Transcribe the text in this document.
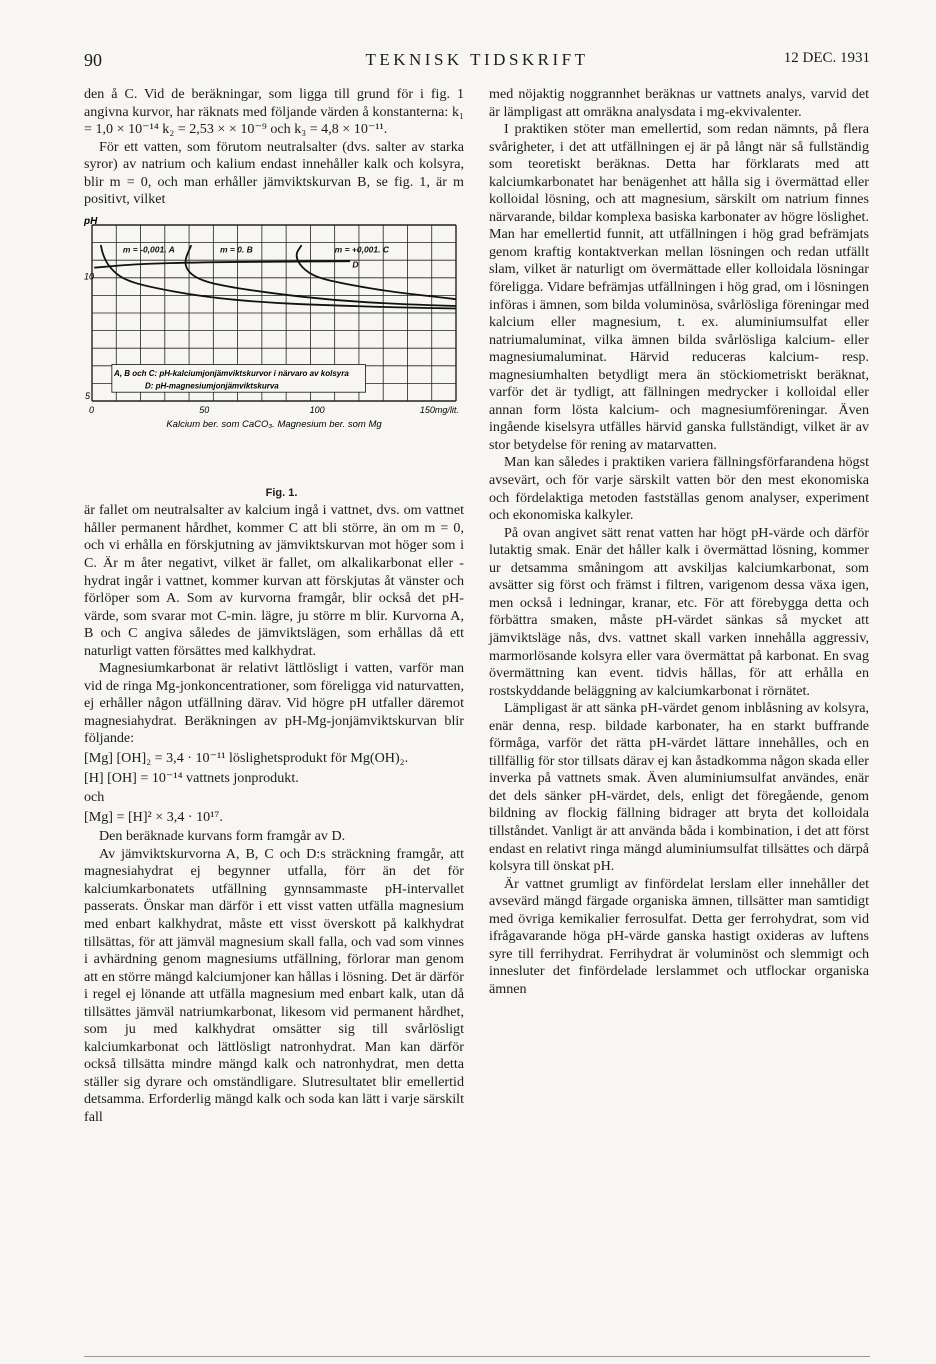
90	TEKNISK TIDSKRIFT	12 DEC. 1931

den å C. Vid de beräkningar, som ligga till grund för i fig. 1 angivna kurvor, har räknats med följande värden å konstanterna: k₁ = 1,0 × 10⁻¹⁴ k₂ = 2,53 × × 10⁻⁹ och k₃ = 4,8 × 10⁻¹¹.

För ett vatten, som förutom neutralsalter (dvs. salter av starka syror) av natrium och kalium endast innehåller kalk och kolsyra, blir m = 0, och man erhåller jämviktskurvan B, se fig. 1, är m positivt, vilket

pH
10
5
0	50	100	150 mg/lit.
Kalcium ber. som CaCO₃. Magnesium ber. som Mg
m = -0,001. A	m = 0. B	m = +0,001. C
D
A, B och C: pH-kalciumjonjämviktskurvor i närvaro av kolsyra
D: pH-magnesiumjonjämviktskurva

Fig. 1.

är fallet om neutralsalter av kalcium ingå i vattnet, dvs. om vattnet håller permanent hårdhet, kommer C att bli större, än om m = 0, och vi erhålla en förskjutning av jämviktskurvan mot höger som i C. Är m åter negativt, vilket är fallet, om alkalikarbonat eller -hydrat ingår i vattnet, kommer kurvan att förskjutas åt vänster och förlöper som A. Som av kurvorna framgår, blir också det pH-värde, som svarar mot C-min. lägre, ju större m blir. Kurvorna A, B och C angiva således de jämviktslägen, som erhållas då ett naturligt vatten försättes med kalkhydrat.

Magnesiumkarbonat är relativt lättlösligt i vatten, varför man vid de ringa Mg-jonkoncentrationer, som föreligga vid naturvatten, ej erhåller någon utfällning därav. Vid högre pH utfaller däremot magnesiahydrat. Beräkningen av pH-Mg-jonjämviktskurvan blir följande:

[Mg] [OH]₂ = 3,4 · 10⁻¹¹ löslighetsprodukt för Mg(OH)₂.

[H] [OH] = 10⁻¹⁴ vattnets jonprodukt.

och

[Mg] = [H]² × 3,4 · 10¹⁷.

Den beräknade kurvans form framgår av D.

Av jämviktskurvorna A, B, C och D:s sträckning framgår, att magnesiahydrat ej begynner utfalla, förr än det för kalciumkarbonatets utfällning gynnsammaste pH-intervallet passerats. Önskar man därför i ett visst vatten utfälla magnesium med enbart kalkhydrat, måste ett visst överskott på kalkhydrat tillsättas, för att jämväl magnesium skall falla, och vad som vinnes i avhärdning genom magnesiums utfällning, förlorar man genom att en större mängd kalciumjoner kan hållas i lösning. Det är därför i regel ej lönande att utfälla magnesium med enbart kalk, utan då tillsättes jämväl natriumkarbonat, likesom vid permanent hårdhet, som ju med kalkhydrat omsätter sig till svårlösligt kalciumkarbonat och lättlösligt natronhydrat. Man kan därför också tillsätta mindre mängd kalk och natronhydrat, men detta ställer sig dyrare och omständligare. Slutresultatet blir emellertid detsamma. Erforderlig mängd kalk och soda kan lätt i varje särskilt fall

med nöjaktig noggrannhet beräknas ur vattnets analys, varvid det är lämpligast att omräkna analysdata i mg-ekvivalenter.

I praktiken stöter man emellertid, som redan nämnts, på flera svårigheter, i det att utfällningen ej är på långt när så fullständig som teoretiskt beräknas. Detta har förklarats med att kalciumkarbonatet har benägenhet att hålla sig i övermättad eller kolloidal lösning, och att magnesium, särskilt om natrium finnes närvarande, bildar komplexa basiska karbonater av högre löslighet. Man har emellertid funnit, att utfällningen i hög grad befrämjats genom kraftig kontaktverkan mellan lösningen och redan utfällt slam, vilket är naturligt om övermättade eller kolloidala lösningar föreligga. Vidare befrämjas utfällningen i hög grad, om i lösningen införas i ämnen, som bilda voluminösa, svårlösliga föreningar med kalcium eller magnesium, t. ex. aluminiumsulfat eller natriumaluminat, vilka ämnen bilda svårlösliga kalcium- eller magnesiumaluminat. Härvid reduceras kalcium- resp. magnesiumhalten betydligt mera än stöckiometriskt beräknat, varför det är tydligt, att fällningen medrycker i kolloidal eller annan form lösta kalcium- och magnesiumföreningar. Även ingående kiselsyra utfälles härvid ganska fullständigt, vilket är av stor betydelse för rening av matarvatten.

Man kan således i praktiken variera fällningsförfarandena högst avsevärt, och för varje särskilt vatten bör den mest ekonomiska och fördelaktiga metoden fastställas genom analyser, experiment och ekonomiska kalkyler.

På ovan angivet sätt renat vatten har högt pH-värde och därför lutaktig smak. Enär det håller kalk i övermättad lösning, kommer ur detsamma småningom att avskiljas kalciumkarbonat, som avsätter sig först och främst i filtren, varigenom dessa växa igen, men också i ledningar, kranar, etc. För att förebygga detta och förbättra smaken, måste pH-värdet sänkas så mycket att jämviktsläge nås, dvs. vattnet skall varken innehålla aggressiv, marmorlösande kolsyra eller vara övermättat på karbonat. En svag övermättning kan event. tidvis hållas, för att erhålla en rostskyddande beläggning av kalciumkarbonat i rörnätet.

Lämpligast är att sänka pH-värdet genom inblåsning av kolsyra, enär denna, resp. bildade karbonater, ha en starkt buffrande förmåga, varför det rätta pH-värdet lättare innehålles, och en tillfällig för stor tillsats därav ej kan åstadkomma någon skada eller inverka på vattnets smak. Även aluminiumsulfat användes, enär det dels sänker pH-värdet, dels, enligt det föregående, genom bildning av flockig fällning bidrager att bryta det kolloidala tillståndet. Vanligt är att använda båda i kombination, i det att först endast en relativt ringa mängd aluminiumsulfat tillsättes och därpå kolsyra till önskat pH.

Är vattnet grumligt av finfördelat lerslam eller innehåller det avsevärd mängd färgade organiska ämnen, tillsätter man samtidigt med övriga kemikalier ferrosulfat. Detta ger ferrohydrat, som vid ifrågavarande höga pH-värde ganska hastigt oxideras av luftens syre till ferrihydrat. Ferrihydrat är voluminöst och slemmigt och innesluter det finfördelade lerslammet och utflockar organiska ämnen
